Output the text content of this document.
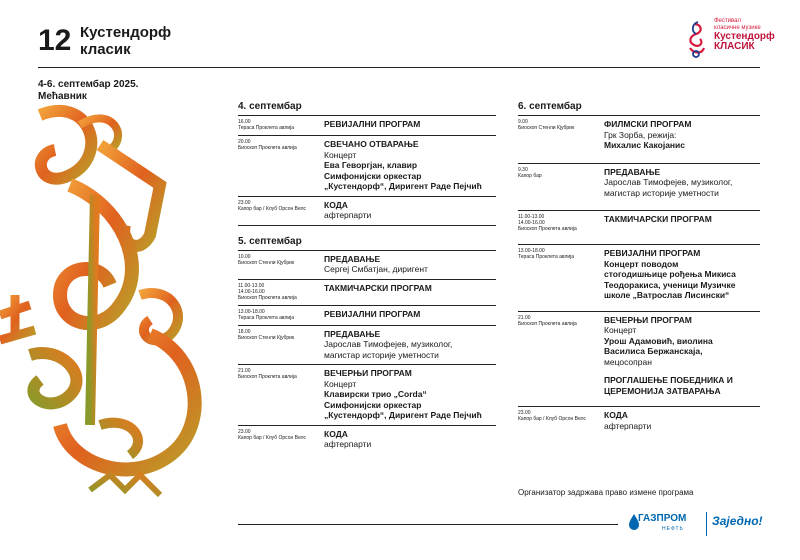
12 Кустендорф
класик
Фестивал
класичне музике
Кустендорф
КЛАСИК
4-6. септембар 2025.
Мећавник
4. септембар
16.00
Тераса Проклета авлија	РЕВИЈАЛНИ ПРОГРАМ
20.00
Биоскоп Проклета авлија	СВЕЧАНО ОТВАРАЊЕ
Концерт
Ева Геворгјан, клавир
Симфонијски оркестар
„Кустендорф“, Диригент Раде Пејчић
23.00
Капор бар / Клуб Орсон Велс	КОДА
афтерпарти
5. септембар
10.00
Биоскоп Стенли Кјубрик	ПРЕДАВАЊЕ
Сергеј Смбатјан, диригент
11.00-13.00
14.00-16.00
Биоскоп Проклета авлија
ТАКМИЧАРСКИ ПРОГРАМ
13.00-18.00
Тераса Проклета авлија	РЕВИЈАЛНИ ПРОГРАМ
18.00
Биоскоп Стенли Кјубрик	ПРЕДАВАЊЕ
Јарослав Тимофејев, музиколог,
магистар историје уметности
21.00
Биоскоп Проклета авлија	ВЕЧЕРЊИ ПРОГРАМ
Концерт
Клавирски трио „Corda“
Симфонијски оркестар
„Кустендорф“, Диригент Раде Пејчић
23.00
Капор бар / Клуб Орсон Велс	КОДА
афтерпарти
6. септембар
9.00
Биоскоп Стенли Кјубрик	ФИЛМСКИ ПРОГРАМ
Грк Зорба, режија:
Михалис Какојанис
9.30
Капор бар	ПРЕДАВАЊЕ
Јарослав Тимофејев, музиколог,
магистар историје уметности
11.00-13.00
14.00-16.00
Биоскоп Проклета авлија
ТАКМИЧАРСКИ ПРОГРАМ
13.00-18.00
Тераса Проклета авлија	РЕВИЈАЛНИ ПРОГРАМ
Концерт поводом
стогодишњице рођења Микиса
Теодоракиса, ученици Музичке
школе „Ватрослав Лисински“
21.00
Биоскоп Проклета авлија	ВЕЧЕРЊИ ПРОГРАМ
Концерт
Урош Адамовић, виолина
Василиса Бержанскаја,
мецосопран
ПРОГЛАШЕЊЕ ПОБЕДНИКА И
ЦЕРЕМОНИЈА ЗАТВАРАЊА
23.00
Капор бар / Клуб Орсон Велс	КОДА
афтерпарти
Организатор задржава право измене програма
ГАЗПРОМ
НЕФТЬ
Заједно!
